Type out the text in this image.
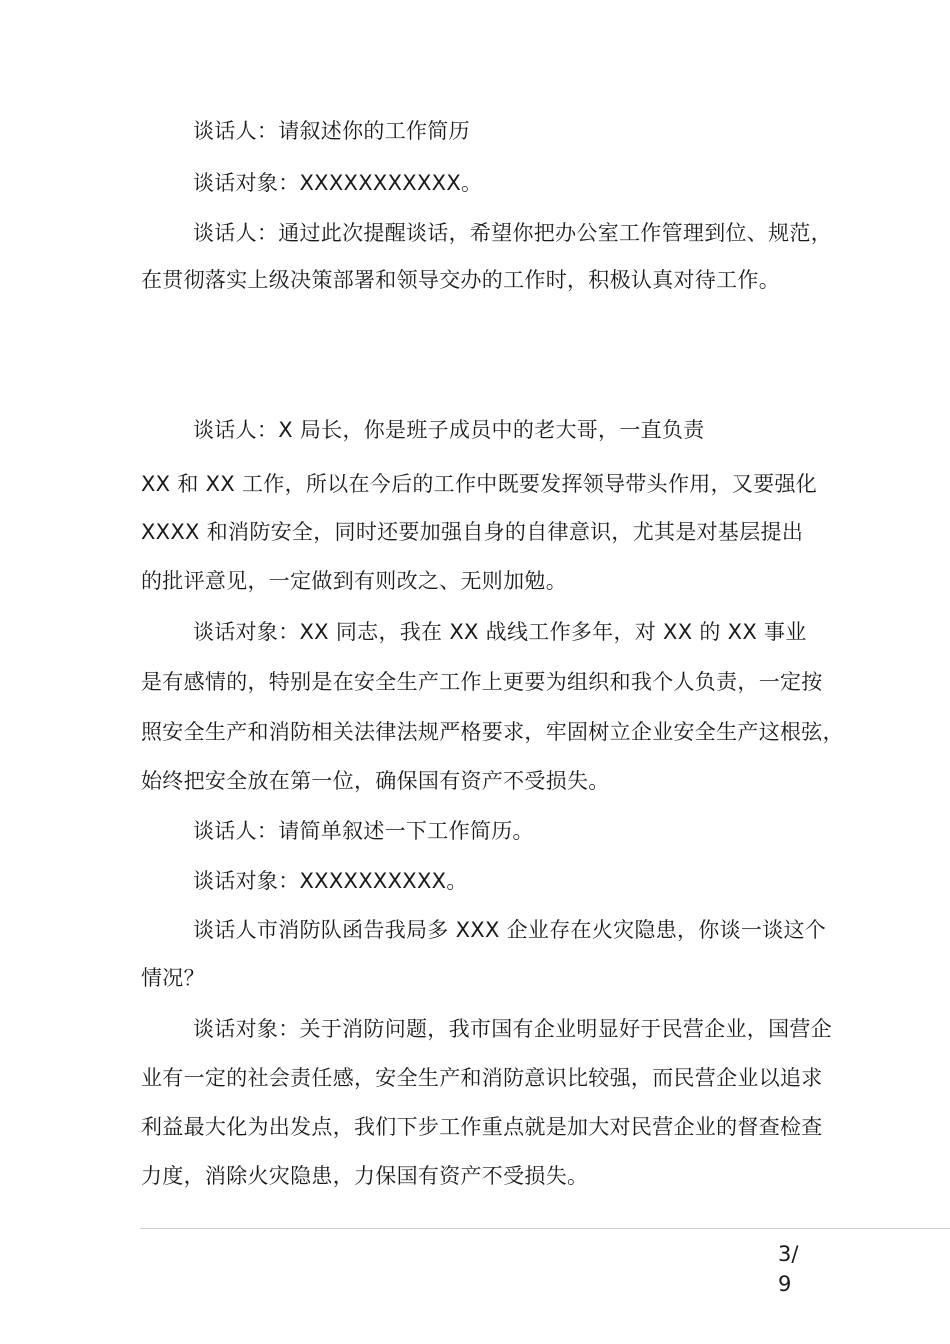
谈话人：请叙述你的工作简历
谈话对象：XXXXXXXXXXX。
谈话人：通过此次提醒谈话，希望你把办公室工作管理到位、规范，
在贯彻落实上级决策部署和领导交办的工作时，积极认真对待工作。
谈话人：X 局长，你是班子成员中的老大哥，一直负责
XX 和 XX 工作，所以在今后的工作中既要发挥领导带头作用，又要强化
XXXX 和消防安全，同时还要加强自身的自律意识，尤其是对基层提出
的批评意见，一定做到有则改之、无则加勉。
谈话对象：XX 同志，我在 XX 战线工作多年，对 XX 的 XX 事业
是有感情的，特别是在安全生产工作上更要为组织和我个人负责，一定按
照安全生产和消防相关法律法规严格要求，牢固树立企业安全生产这根弦，
始终把安全放在第一位，确保国有资产不受损失。
谈话人：请简单叙述一下工作简历。
谈话对象：XXXXXXXXXX。
谈话人市消防队函告我局多 XXX 企业存在火灾隐患，你谈一谈这个
情况？
谈话对象：关于消防问题，我市国有企业明显好于民营企业，国营企
业有一定的社会责任感，安全生产和消防意识比较强，而民营企业以追求
利益最大化为出发点，我们下步工作重点就是加大对民营企业的督查检查
力度，消除火灾隐患，力保国有资产不受损失。
3/
9
